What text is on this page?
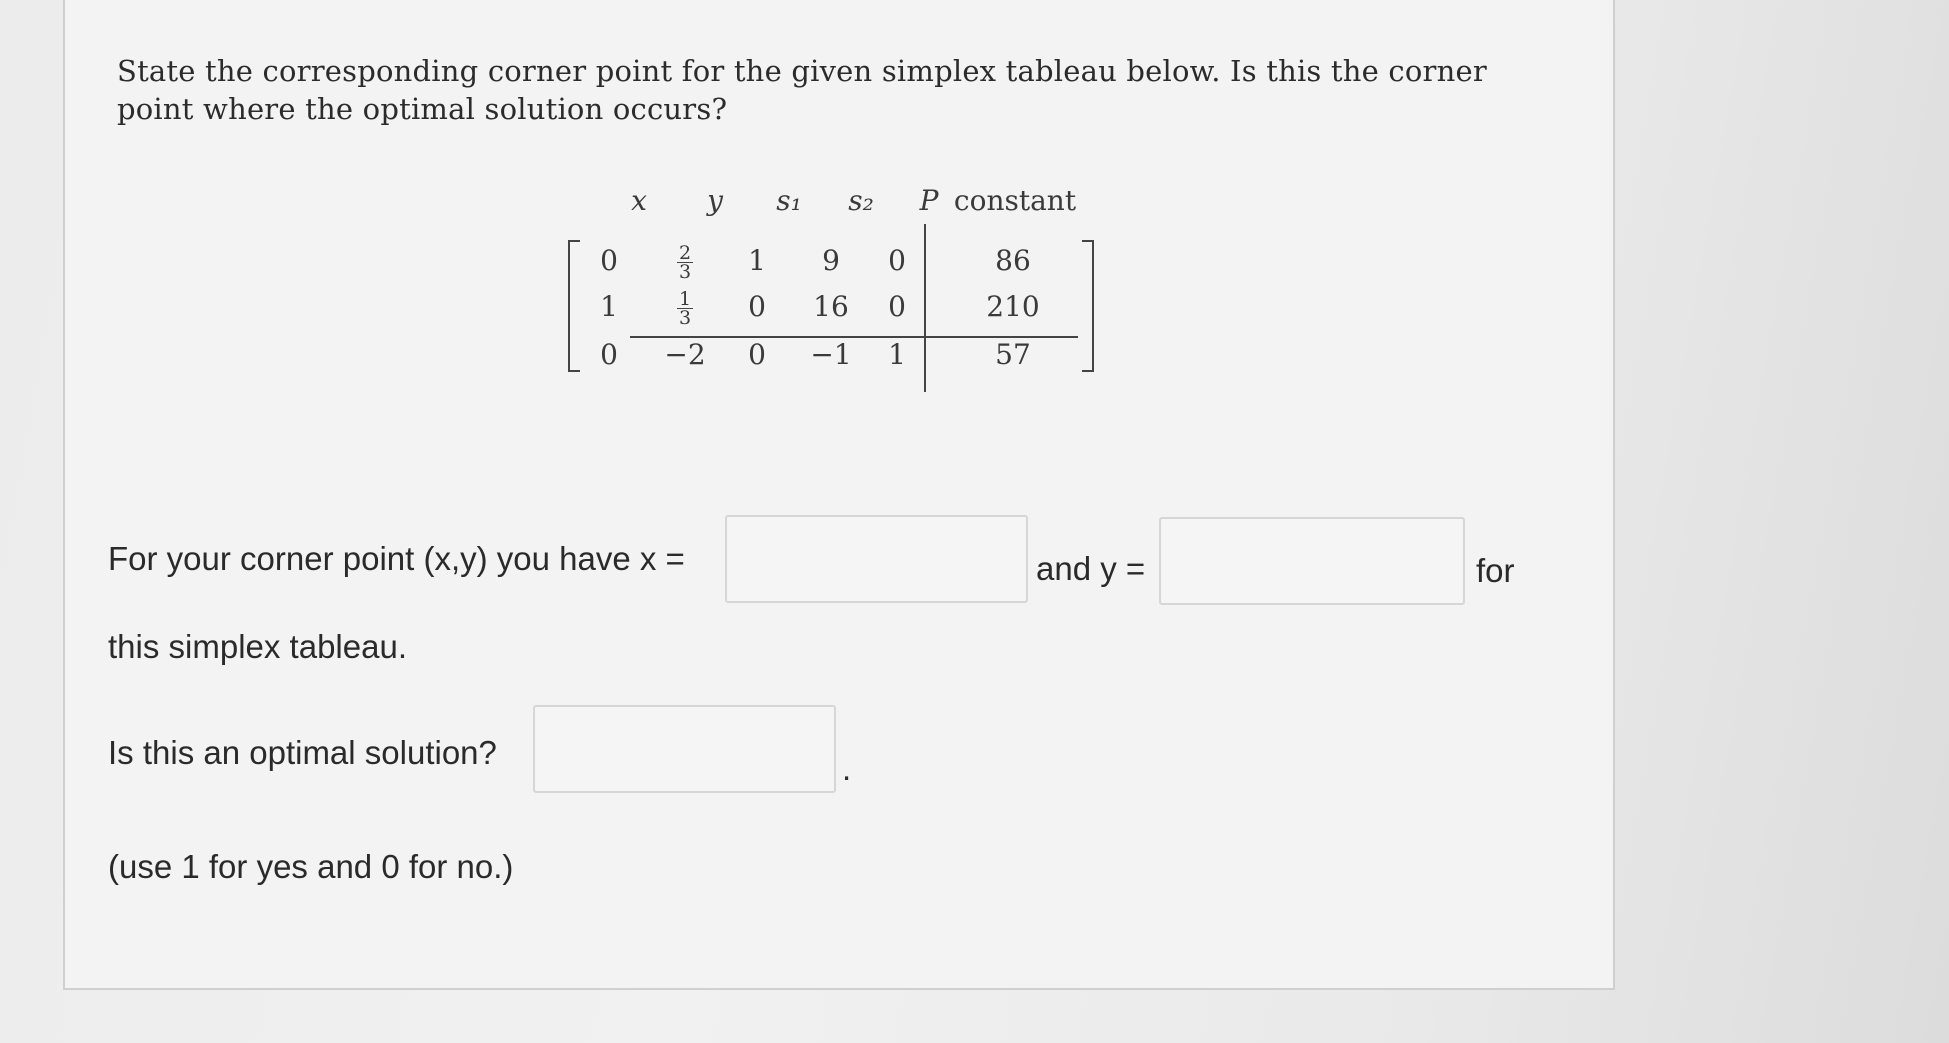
State the corresponding corner point for the given simplex tableau below. Is this the corner point where the optimal solution occurs?
x	y	s₁	s₂	P constant
0	$\frac{2}{3}$	1	9	0	86
1	$\frac{1}{3}$	0	16	0	210
0	−2	0	−1	1	57
For your corner point (x,y) you have x =	and y =	for
this simplex tableau.
Is this an optimal solution?	.
(use 1 for yes and 0 for no.)
